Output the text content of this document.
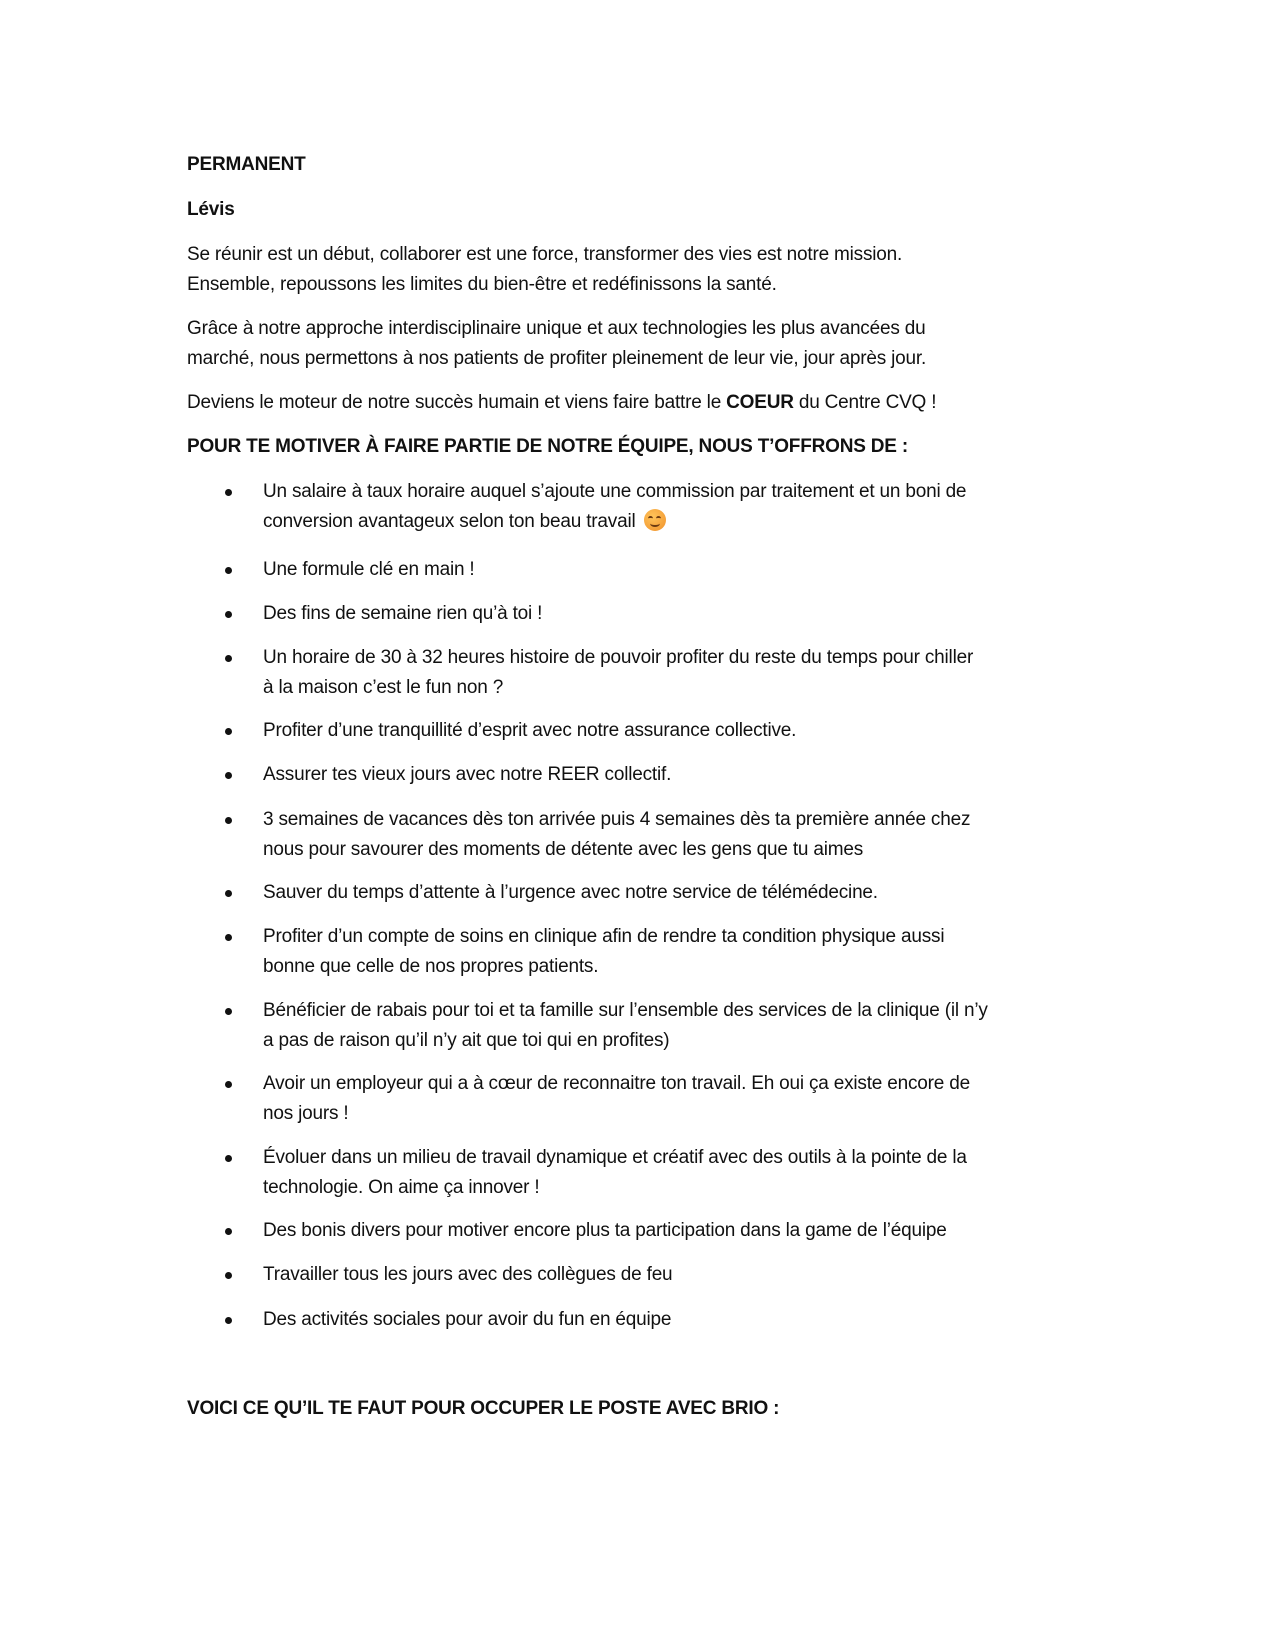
PERMANENT
Lévis
Se réunir est un début, collaborer est une force, transformer des vies est notre mission.
Ensemble, repoussons les limites du bien-être et redéfinissons la santé.
Grâce à notre approche interdisciplinaire unique et aux technologies les plus avancées du
marché, nous permettons à nos patients de profiter pleinement de leur vie, jour après jour.
Deviens le moteur de notre succès humain et viens faire battre le COEUR du Centre CVQ !
POUR TE MOTIVER À FAIRE PARTIE DE NOTRE ÉQUIPE, NOUS T’OFFRONS DE :
Un salaire à taux horaire auquel s’ajoute une commission par traitement et un boni de
conversion avantageux selon ton beau travail
Une formule clé en main !
Des fins de semaine rien qu’à toi !
Un horaire de 30 à 32 heures histoire de pouvoir profiter du reste du temps pour chiller
à la maison c’est le fun non ?
Profiter d’une tranquillité d’esprit avec notre assurance collective.
Assurer tes vieux jours avec notre REER collectif.
3 semaines de vacances dès ton arrivée puis 4 semaines dès ta première année chez
nous pour savourer des moments de détente avec les gens que tu aimes
Sauver du temps d’attente à l’urgence avec notre service de télémédecine.
Profiter d’un compte de soins en clinique afin de rendre ta condition physique aussi
bonne que celle de nos propres patients.
Bénéficier de rabais pour toi et ta famille sur l’ensemble des services de la clinique (il n’y
a pas de raison qu’il n’y ait que toi qui en profites)
Avoir un employeur qui a à cœur de reconnaitre ton travail. Eh oui ça existe encore de
nos jours !
Évoluer dans un milieu de travail dynamique et créatif avec des outils à la pointe de la
technologie. On aime ça innover !
Des bonis divers pour motiver encore plus ta participation dans la game de l’équipe
Travailler tous les jours avec des collègues de feu
Des activités sociales pour avoir du fun en équipe
VOICI CE QU’IL TE FAUT POUR OCCUPER LE POSTE AVEC BRIO :
